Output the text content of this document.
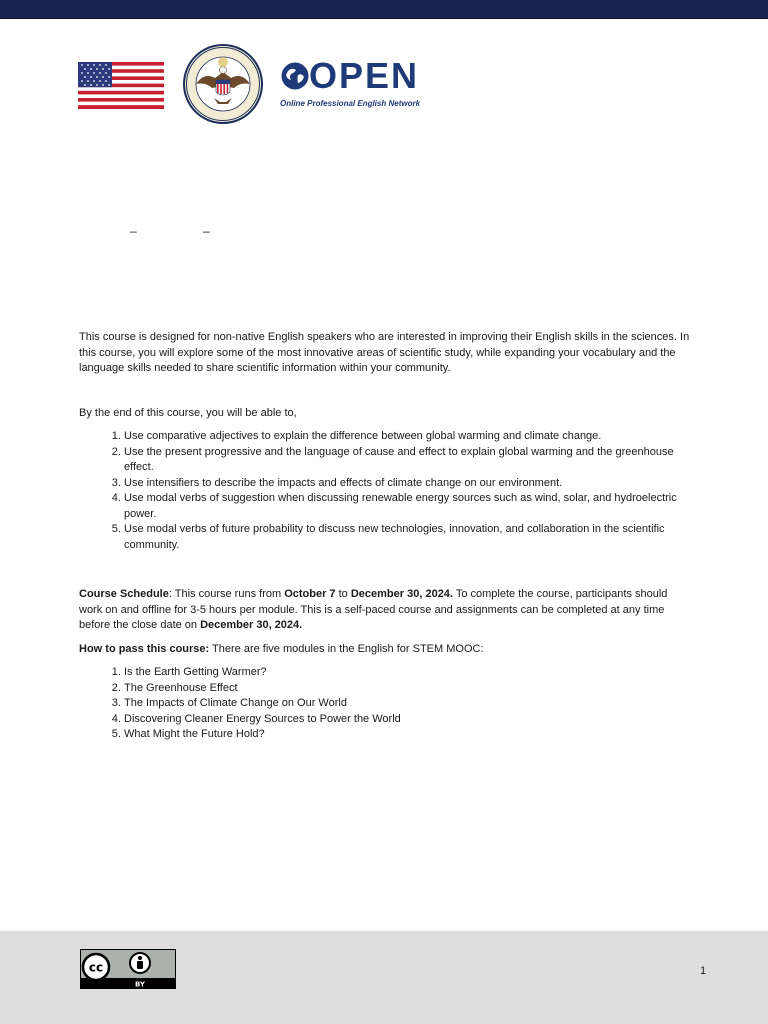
OPEN

Online Professional English Network
–	–

This course is designed for non-native English speakers who are interested in improving their English skills in the sciences. In this course, you will explore some of the most innovative areas of scientific study, while expanding your vocabulary and the language skills needed to share scientific information within your community.

By the end of this course, you will be able to,

1. Use comparative adjectives to explain the difference between global warming and climate change.
2. Use the present progressive and the language of cause and effect to explain global warming and the greenhouse effect.
3. Use intensifiers to describe the impacts and effects of climate change on our environment.
4. Use modal verbs of suggestion when discussing renewable energy sources such as wind, solar, and hydroelectric power.
5. Use modal verbs of future probability to discuss new technologies, innovation, and collaboration in the scientific community.

Course Schedule: This course runs from October 7 to December 30, 2024. To complete the course, participants should work on and offline for 3-5 hours per module. This is a self-paced course and assignments can be completed at any time before the close date on December 30, 2024.

How to pass this course: There are five modules in the English for STEM MOOC:

1. Is the Earth Getting Warmer?
2. The Greenhouse Effect
3. The Impacts of Climate Change on Our World
4. Discovering Cleaner Energy Sources to Power the World
5. What Might the Future Hold?
cc
BY
1
